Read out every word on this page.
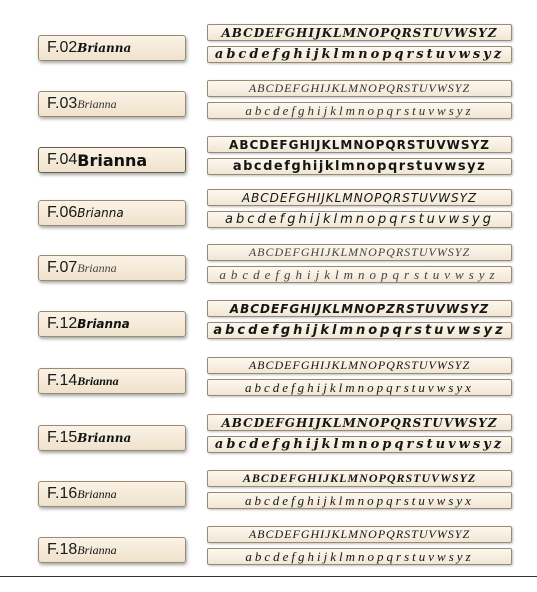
F.02 Brianna
ABCDEFGHIJKLMNOPQRSTUVWSYZ
abcdefghijklmnopqrstuvwsyz
F.03 Brianna
ABCDEFGHIJKLMNOPQRSTUVWSYZ
abcdefghijklmnopqrstuvwsyz
F.04 Brianna
ABCDEFGHIJKLMNOPQRSTUVWSYZ
abcdefghijklmnopqrstuvwsyz
F.06 Brianna
ABCDEFGHIJKLMNOPQRSTUVWSYZ
abcdefghijklmnopqrstuvwsyg
F.07 Brianna
ABCDEFGHIJKLMNOPQRSTUVWSYZ
abcdefghijklmnopqrstuvwsyz
F.12 Brianna
ABCDEFGHIJKLMNOPZRSTUVWSYZ
abcdefghijklmnopqrstuvwsyz
F.14 Brianna
ABCDEFGHIJKLMNOPQRSTUVWSYZ
abcdefghijklmnopqrstuvwsyx
F.15 Brianna
ABCDEFGHIJKLMNOPQRSTUVWSYZ
abcdefghijklmnopqrstuvwsyz
F.16 Brianna
ABCDEFGHIJKLMNOPQRSTUVWSYZ
abcdefghijklmnopqrstuvwsyx
F.18 Brianna
ABCDEFGHIJKLMNOPQRSTUVWSYZ
abcdefghijklmnopqrstuvwsyz
